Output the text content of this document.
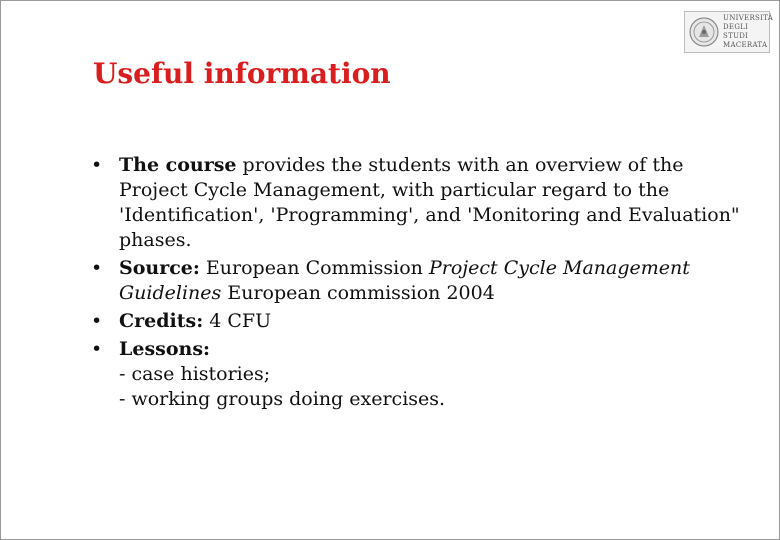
UNIVERSITÀ
DEGLI STUDI
MACERATA
Useful information
• The course provides the students with an overview of the Project Cycle Management, with particular regard to the 'Identification', 'Programming', and 'Monitoring and Evaluation" phases.
• Source: European Commission Project Cycle Management Guidelines European commission 2004
• Credits: 4 CFU
• Lessons:
- case histories;
- working groups doing exercises.
